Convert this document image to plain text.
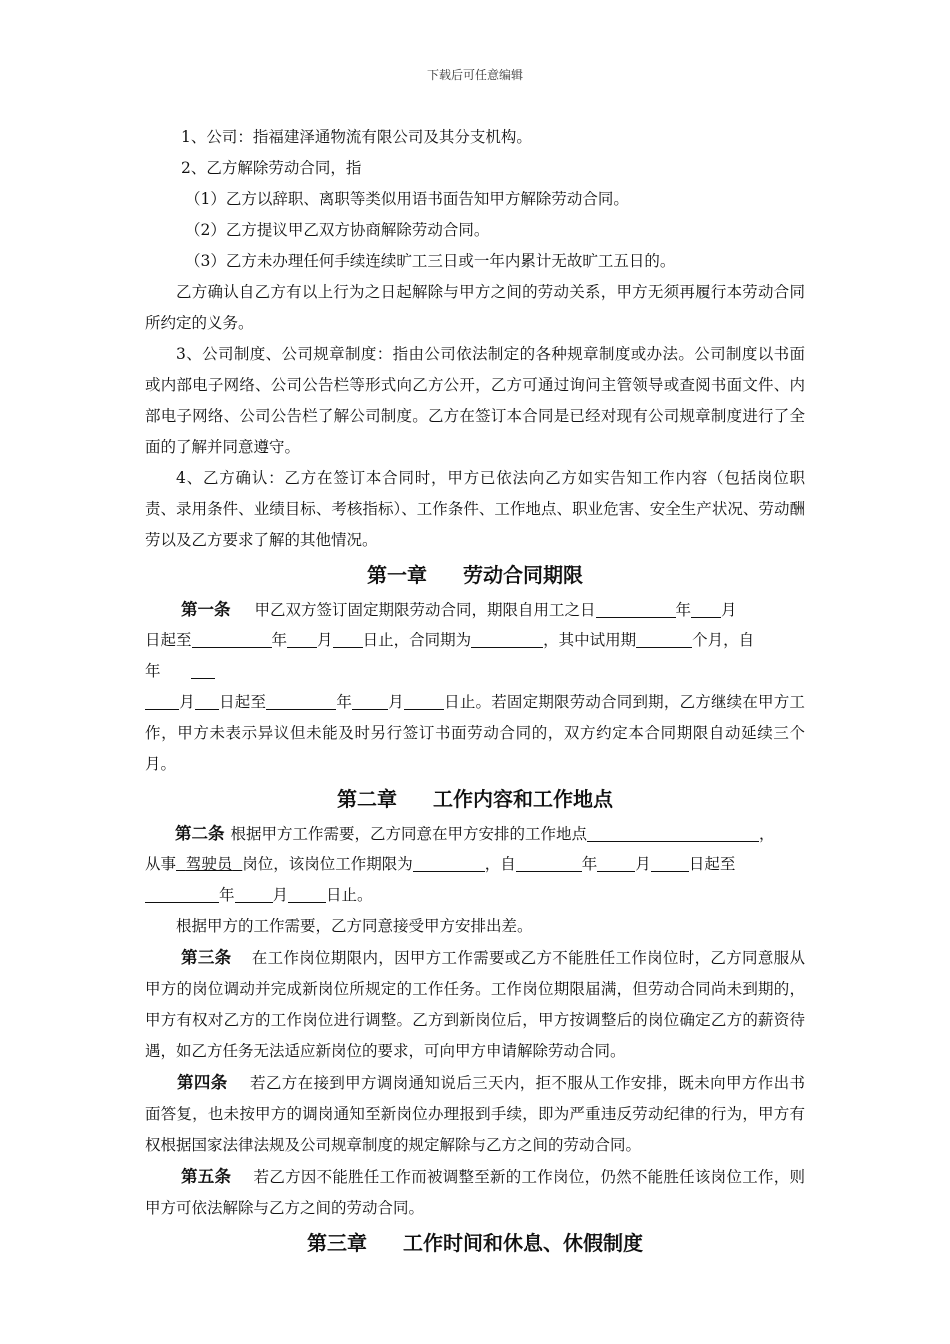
下载后可任意编辑
1、公司：指福建泽通物流有限公司及其分支机构。
2、乙方解除劳动合同，指
（1）乙方以辞职、离职等类似用语书面告知甲方解除劳动合同。
（2）乙方提议甲乙双方协商解除劳动合同。
（3）乙方未办理任何手续连续旷工三日或一年内累计无故旷工五日的。
乙方确认自乙方有以上行为之日起解除与甲方之间的劳动关系，甲方无须再履行本劳动合同所约定的义务。
3、公司制度、公司规章制度：指由公司依法制定的各种规章制度或办法。公司制度以书面或内部电子网络、公司公告栏等形式向乙方公开，乙方可通过询问主管领导或查阅书面文件、内部电子网络、公司公告栏了解公司制度。乙方在签订本合同是已经对现有公司规章制度进行了全面的了解并同意遵守。
4、乙方确认：乙方在签订本合同时，甲方已依法向乙方如实告知工作内容（包括岗位职责、录用条件、业绩目标、考核指标）、工作条件、工作地点、职业危害、安全生产状况、劳动酬劳以及乙方要求了解的其他情况。
第一章 劳动合同期限
第一条 甲乙双方签订固定期限劳动合同，期限自用工之日	年 月
日起至	年 月 日止，合同期为	，其中试用期	个月，自
年
月 日起至	年 月	日止。若固定期限劳动合同到期，乙方继续在甲方工作，甲方未表示异议但未能及时另行签订书面劳动合同的，双方约定本合同期限自动延续三个月。
第二章 工作内容和工作地点
第二条 根据甲方工作需要，乙方同意在甲方安排的工作地点	，
从事 驾驶员 岗位，该岗位工作期限为	，自	年 月 日起至
年 月 日止。
根据甲方的工作需要，乙方同意接受甲方安排出差。
第三条 在工作岗位期限内，因甲方工作需要或乙方不能胜任工作岗位时，乙方同意服从甲方的岗位调动并完成新岗位所规定的工作任务。工作岗位期限届满，但劳动合同尚未到期的，甲方有权对乙方的工作岗位进行调整。乙方到新岗位后，甲方按调整后的岗位确定乙方的薪资待遇，如乙方任务无法适应新岗位的要求，可向甲方申请解除劳动合同。
第四条 若乙方在接到甲方调岗通知说后三天内，拒不服从工作安排，既未向甲方作出书面答复，也未按甲方的调岗通知至新岗位办理报到手续，即为严重违反劳动纪律的行为，甲方有权根据国家法律法规及公司规章制度的规定解除与乙方之间的劳动合同。
第五条 若乙方因不能胜任工作而被调整至新的工作岗位，仍然不能胜任该岗位工作，则甲方可依法解除与乙方之间的劳动合同。
第三章 工作时间和休息、休假制度
